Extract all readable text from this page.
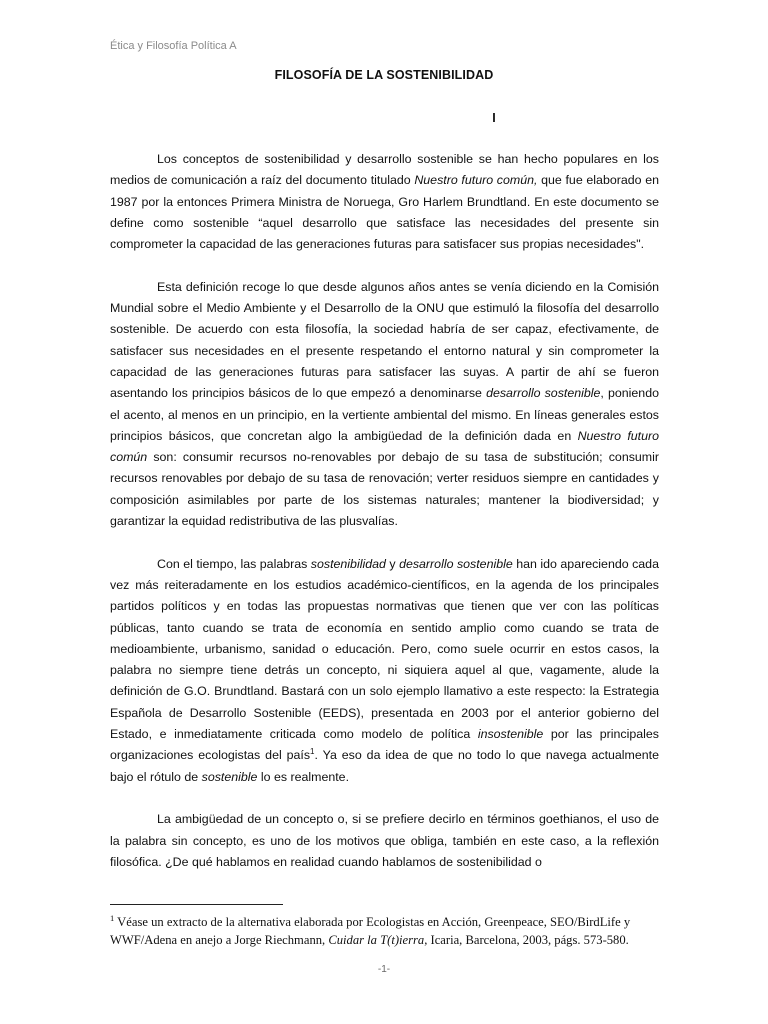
Ética y Filosofía Política A
FILOSOFÍA DE LA SOSTENIBILIDAD
I

Los conceptos de sostenibilidad y desarrollo sostenible se han hecho populares en los medios de comunicación a raíz del documento titulado Nuestro futuro común, que fue elaborado en 1987 por la entonces Primera Ministra de Noruega, Gro Harlem Brundtland. En este documento se define como sostenible “aquel desarrollo que satisface las necesidades del presente sin comprometer la capacidad de las generaciones futuras para satisfacer sus propias necesidades".

Esta definición recoge lo que desde algunos años antes se venía diciendo en la Comisión Mundial sobre el Medio Ambiente y el Desarrollo de la ONU que estimuló la filosofía del desarrollo sostenible. De acuerdo con esta filosofía, la sociedad habría de ser capaz, efectivamente, de satisfacer sus necesidades en el presente respetando el entorno natural y sin comprometer la capacidad de las generaciones futuras para satisfacer las suyas. A partir de ahí se fueron asentando los principios básicos de lo que empezó a denominarse desarrollo sostenible, poniendo el acento, al menos en un principio, en la vertiente ambiental del mismo. En líneas generales estos principios básicos, que concretan algo la ambigüedad de la definición dada en Nuestro futuro común son: consumir recursos no-renovables por debajo de su tasa de substitución; consumir recursos renovables por debajo de su tasa de renovación; verter residuos siempre en cantidades y composición asimilables por parte de los sistemas naturales; mantener la biodiversidad; y garantizar la equidad redistributiva de las plusvalías.

Con el tiempo, las palabras sostenibilidad y desarrollo sostenible han ido apareciendo cada vez más reiteradamente en los estudios académico-científicos, en la agenda de los principales partidos políticos y en todas las propuestas normativas que tienen que ver con las políticas públicas, tanto cuando se trata de economía en sentido amplio como cuando se trata de medioambiente, urbanismo, sanidad o educación. Pero, como suele ocurrir en estos casos, la palabra no siempre tiene detrás un concepto, ni siquiera aquel al que, vagamente, alude la definición de G.O. Brundtland. Bastará con un solo ejemplo llamativo a este respecto: la Estrategia Española de Desarrollo Sostenible (EEDS), presentada en 2003 por el anterior gobierno del Estado, e inmediatamente criticada como modelo de política insostenible por las principales organizaciones ecologistas del país$^1$. Ya eso da idea de que no todo lo que navega actualmente bajo el rótulo de sostenible lo es realmente.

La ambigüedad de un concepto o, si se prefiere decirlo en términos goethianos, el uso de la palabra sin concepto, es uno de los motivos que obliga, también en este caso, a la reflexión filosófica. ¿De qué hablamos en realidad cuando hablamos de sostenibilidad o

$^1$ Véase un extracto de la alternativa elaborada por Ecologistas en Acción, Greenpeace, SEO/BirdLife y WWF/Adena en anejo a Jorge Riechmann, Cuidar la T(t)ierra, Icaria, Barcelona, 2003, págs. 573-580.
-1-
